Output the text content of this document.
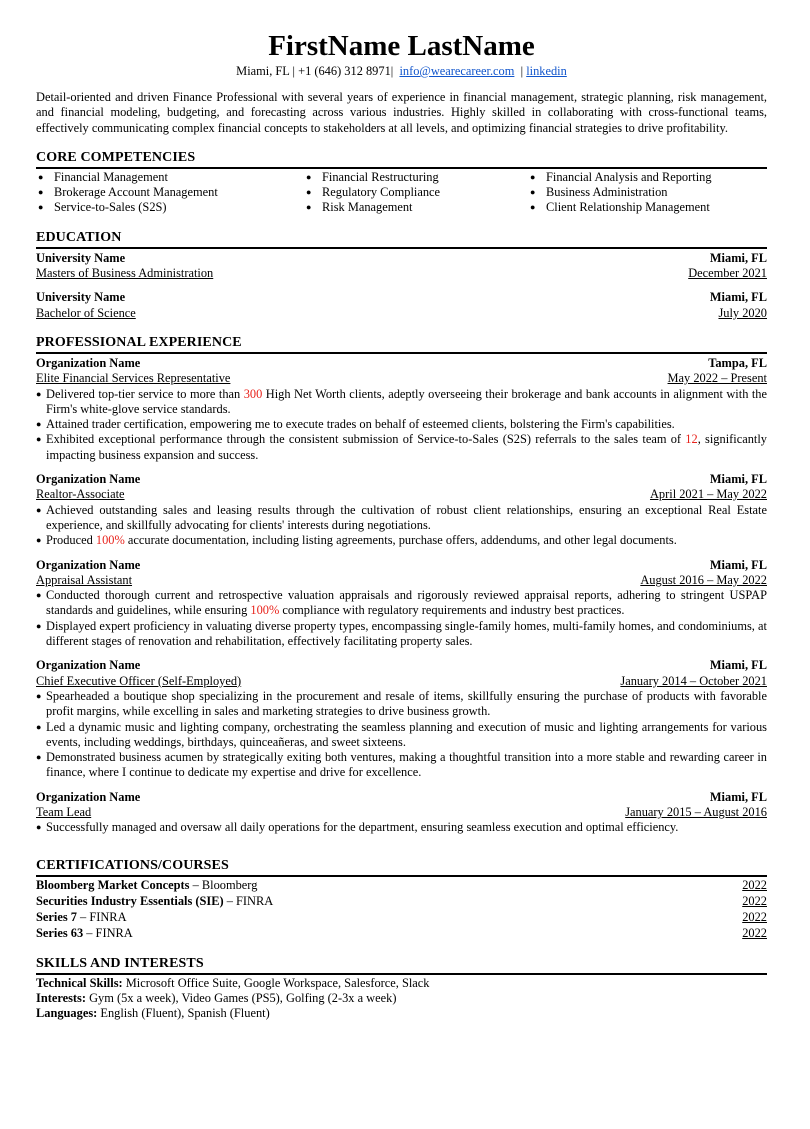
FirstName LastName
Miami, FL | +1 (646) 312 8971| info@wearecareer.com | linkedin
Detail-oriented and driven Finance Professional with several years of experience in financial management, strategic planning, risk management, and financial modeling, budgeting, and forecasting across various industries. Highly skilled in collaborating with cross-functional teams, effectively communicating complex financial concepts to stakeholders at all levels, and optimizing financial strategies to drive profitability.
CORE COMPETENCIES
● Financial Management
● Brokerage Account Management
● Service-to-Sales (S2S)
● Financial Restructuring
● Regulatory Compliance
● Risk Management
● Financial Analysis and Reporting
● Business Administration
● Client Relationship Management
EDUCATION
University Name	Miami, FL
Masters of Business Administration	December 2021
University Name	Miami, FL
Bachelor of Science	July 2020
PROFESSIONAL EXPERIENCE
Organization Name	Tampa, FL
Elite Financial Services Representative	May 2022 – Present
● Delivered top-tier service to more than 300 High Net Worth clients, adeptly overseeing their brokerage and bank accounts in alignment with the Firm's white-glove service standards.
● Attained trader certification, empowering me to execute trades on behalf of esteemed clients, bolstering the Firm's capabilities.
● Exhibited exceptional performance through the consistent submission of Service-to-Sales (S2S) referrals to the sales team of 12, significantly impacting business expansion and success.
Organization Name	Miami, FL
Realtor-Associate	April 2021 – May 2022
● Achieved outstanding sales and leasing results through the cultivation of robust client relationships, ensuring an exceptional Real Estate experience, and skillfully advocating for clients' interests during negotiations.
● Produced 100% accurate documentation, including listing agreements, purchase offers, addendums, and other legal documents.
Organization Name	Miami, FL
Appraisal Assistant	August 2016 – May 2022
● Conducted thorough current and retrospective valuation appraisals and rigorously reviewed appraisal reports, adhering to stringent USPAP standards and guidelines, while ensuring 100% compliance with regulatory requirements and industry best practices.
● Displayed expert proficiency in valuating diverse property types, encompassing single-family homes, multi-family homes, and condominiums, at different stages of renovation and rehabilitation, effectively facilitating property sales.
Organization Name	Miami, FL
Chief Executive Officer (Self-Employed)	January 2014 – October 2021
● Spearheaded a boutique shop specializing in the procurement and resale of items, skillfully ensuring the purchase of products with favorable profit margins, while excelling in sales and marketing strategies to drive business growth.
● Led a dynamic music and lighting company, orchestrating the seamless planning and execution of music and lighting arrangements for various events, including weddings, birthdays, quinceañeras, and sweet sixteens.
● Demonstrated business acumen by strategically exiting both ventures, making a thoughtful transition into a more stable and rewarding career in finance, where I continue to dedicate my expertise and drive for excellence.
Organization Name	Miami, FL
Team Lead	January 2015 – August 2016
● Successfully managed and oversaw all daily operations for the department, ensuring seamless execution and optimal efficiency.
CERTIFICATIONS/COURSES
Bloomberg Market Concepts – Bloomberg	2022
Securities Industry Essentials (SIE) – FINRA	2022
Series 7 – FINRA	2022
Series 63 – FINRA	2022
SKILLS AND INTERESTS
Technical Skills: Microsoft Office Suite, Google Workspace, Salesforce, Slack
Interests: Gym (5x a week), Video Games (PS5), Golfing (2-3x a week)
Languages: English (Fluent), Spanish (Fluent)
